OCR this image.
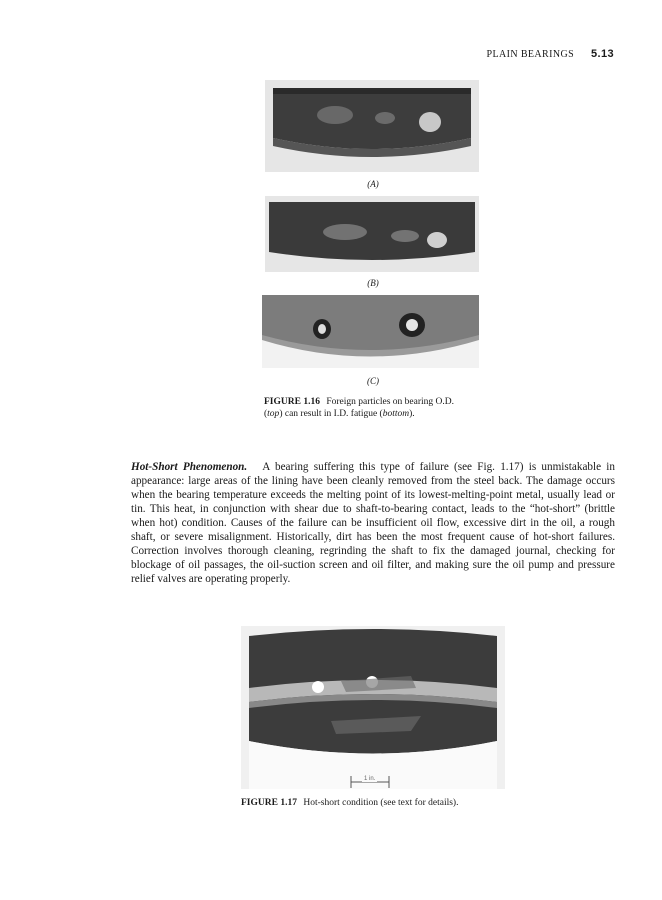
PLAIN BEARINGS 5.13
(A)
(B)
(C)
FIGURE 1.16 Foreign particles on bearing O.D.
(top) can result in I.D. fatigue (bottom).
Hot-Short Phenomenon. A bearing suffering this type of failure (see Fig. 1.17) is unmistakable in appearance: large areas of the lining have been cleanly removed from the steel back. The damage occurs when the bearing temperature exceeds the melting point of its lowest-melting-point metal, usually lead or tin. This heat, in conjunction with shear due to shaft-to-bearing contact, leads to the “hot-short” (brittle when hot) condition. Causes of the failure can be insufficient oil flow, excessive dirt in the oil, a rough shaft, or severe misalignment. Historically, dirt has been the most frequent cause of hot-short failures. Correction involves thorough cleaning, regrinding the shaft to fix the damaged journal, checking for blockage of oil passages, the oil-suction screen and oil filter, and making sure the oil pump and pressure relief valves are operating properly.
1 in.
FIGURE 1.17 Hot-short condition (see text for details).
